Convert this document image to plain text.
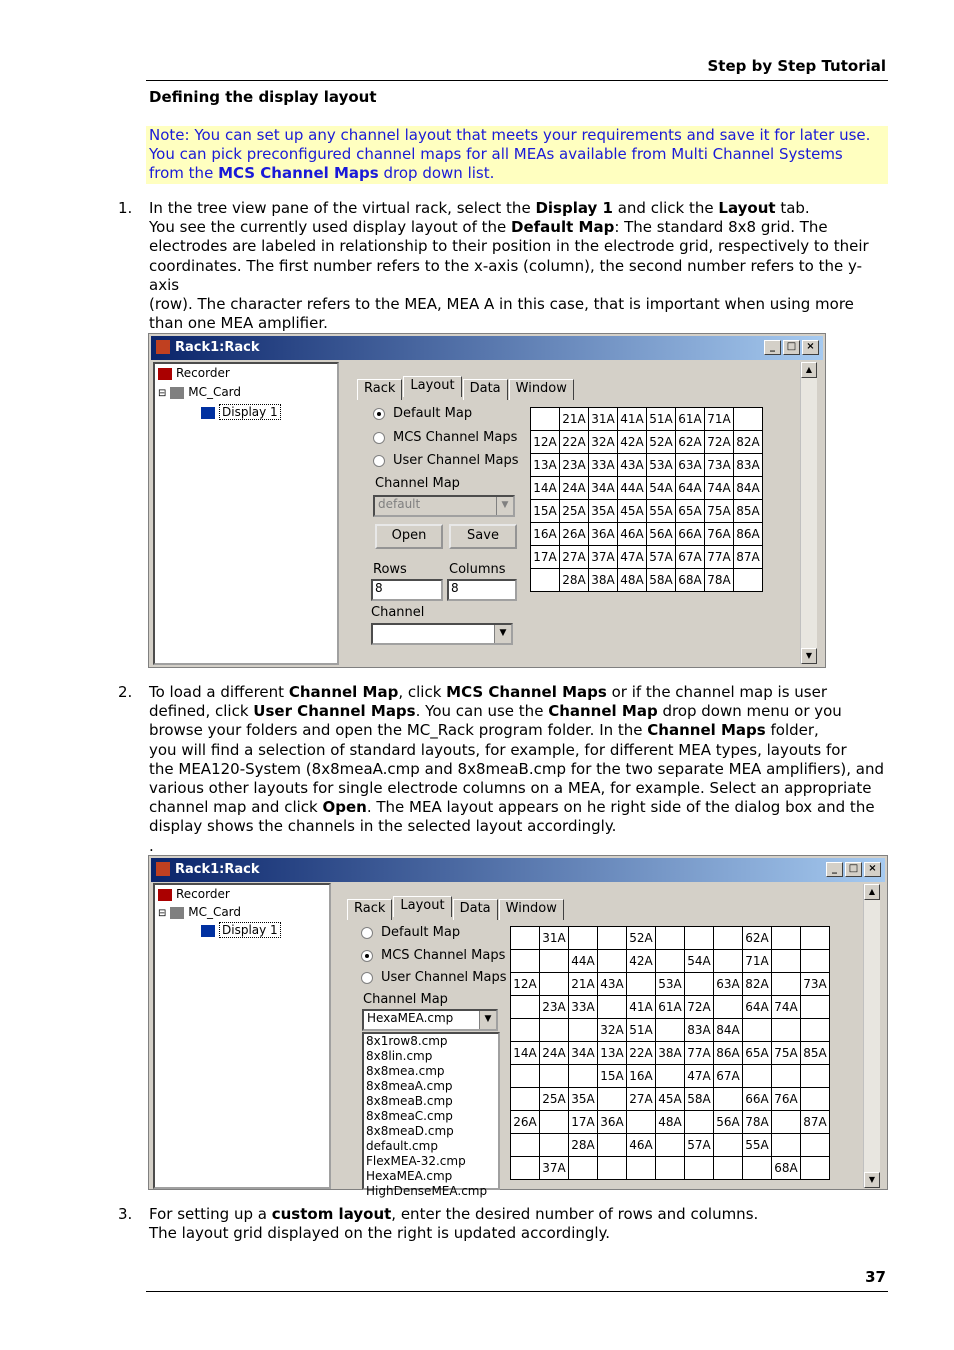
Step by Step Tutorial
Defining the display layout
Note: You can set up any channel layout that meets your requirements and save it for later use.
You can pick preconfigured channel maps for all MEAs available from Multi Channel Systems
from the MCS Channel Maps drop down list.
1. In the tree view pane of the virtual rack, select the Display 1 and click the Layout tab.
You see the currently used display layout of the Default Map: The standard 8x8 grid. The
electrodes are labeled in relationship to their position in the electrode grid, respectively to their
coordinates. The first number refers to the x-axis (column), the second number refers to the y-axis
(row). The character refers to the MEA, MEA A in this case, that is important when using more
than one MEA amplifier.
Rack1:Rack	_	□	×
Recorder
⊟ MC_Card
Display 1
Rack	Layout	Data	Window
Default Map
MCS Channel Maps
User Channel Maps
Channel Map
default	▼
Open	Save
Rows	Columns
8	8
Channel
▼
	21A	31A	41A	51A	61A	71A	
12A	22A	32A	42A	52A	62A	72A	82A
13A	23A	33A	43A	53A	63A	73A	83A
14A	24A	34A	44A	54A	64A	74A	84A
15A	25A	35A	45A	55A	65A	75A	85A
16A	26A	36A	46A	56A	66A	76A	86A
17A	27A	37A	47A	57A	67A	77A	87A
	28A	38A	48A	58A	68A	78A	
▲
▼
2. To load a different Channel Map, click MCS Channel Maps or if the channel map is user
defined, click User Channel Maps. You can use the Channel Map drop down menu or you
browse your folders and open the MC_Rack program folder. In the Channel Maps folder,
you will find a selection of standard layouts, for example, for different MEA types, layouts for
the MEA120-System (8x8meaA.cmp and 8x8meaB.cmp for the two separate MEA amplifiers), and
various other layouts for single electrode columns on a MEA, for example. Select an appropriate
channel map and click Open. The MEA layout appears on he right side of the dialog box and the
display shows the channels in the selected layout accordingly.
.
Rack1:Rack	_	□	×
Recorder
⊟ MC_Card
Display 1
Rack	Layout	Data	Window
Default Map
MCS Channel Maps
User Channel Maps
Channel Map
HexaMEA.cmp	▼
8x1row8.cmp
8x8lin.cmp
8x8mea.cmp
8x8meaA.cmp
8x8meaB.cmp
8x8meaC.cmp
8x8meaD.cmp
default.cmp
FlexMEA-32.cmp
HexaMEA.cmp
HighDenseMEA.cmp
	31A			52A				62A		
		44A		42A		54A		71A		
12A		21A	43A		53A		63A	82A		73A
	23A	33A		41A	61A	72A		64A	74A	
			32A	51A		83A	84A			
14A	24A	34A	13A	22A	38A	77A	86A	65A	75A	85A
			15A	16A		47A	67A			
	25A	35A		27A	45A	58A		66A	76A	
26A		17A	36A		48A		56A	78A		87A
		28A		46A		57A		55A		
	37A								68A	
▲
▼
3. For setting up a custom layout, enter the desired number of rows and columns.
The layout grid displayed on the right is updated accordingly.
37
